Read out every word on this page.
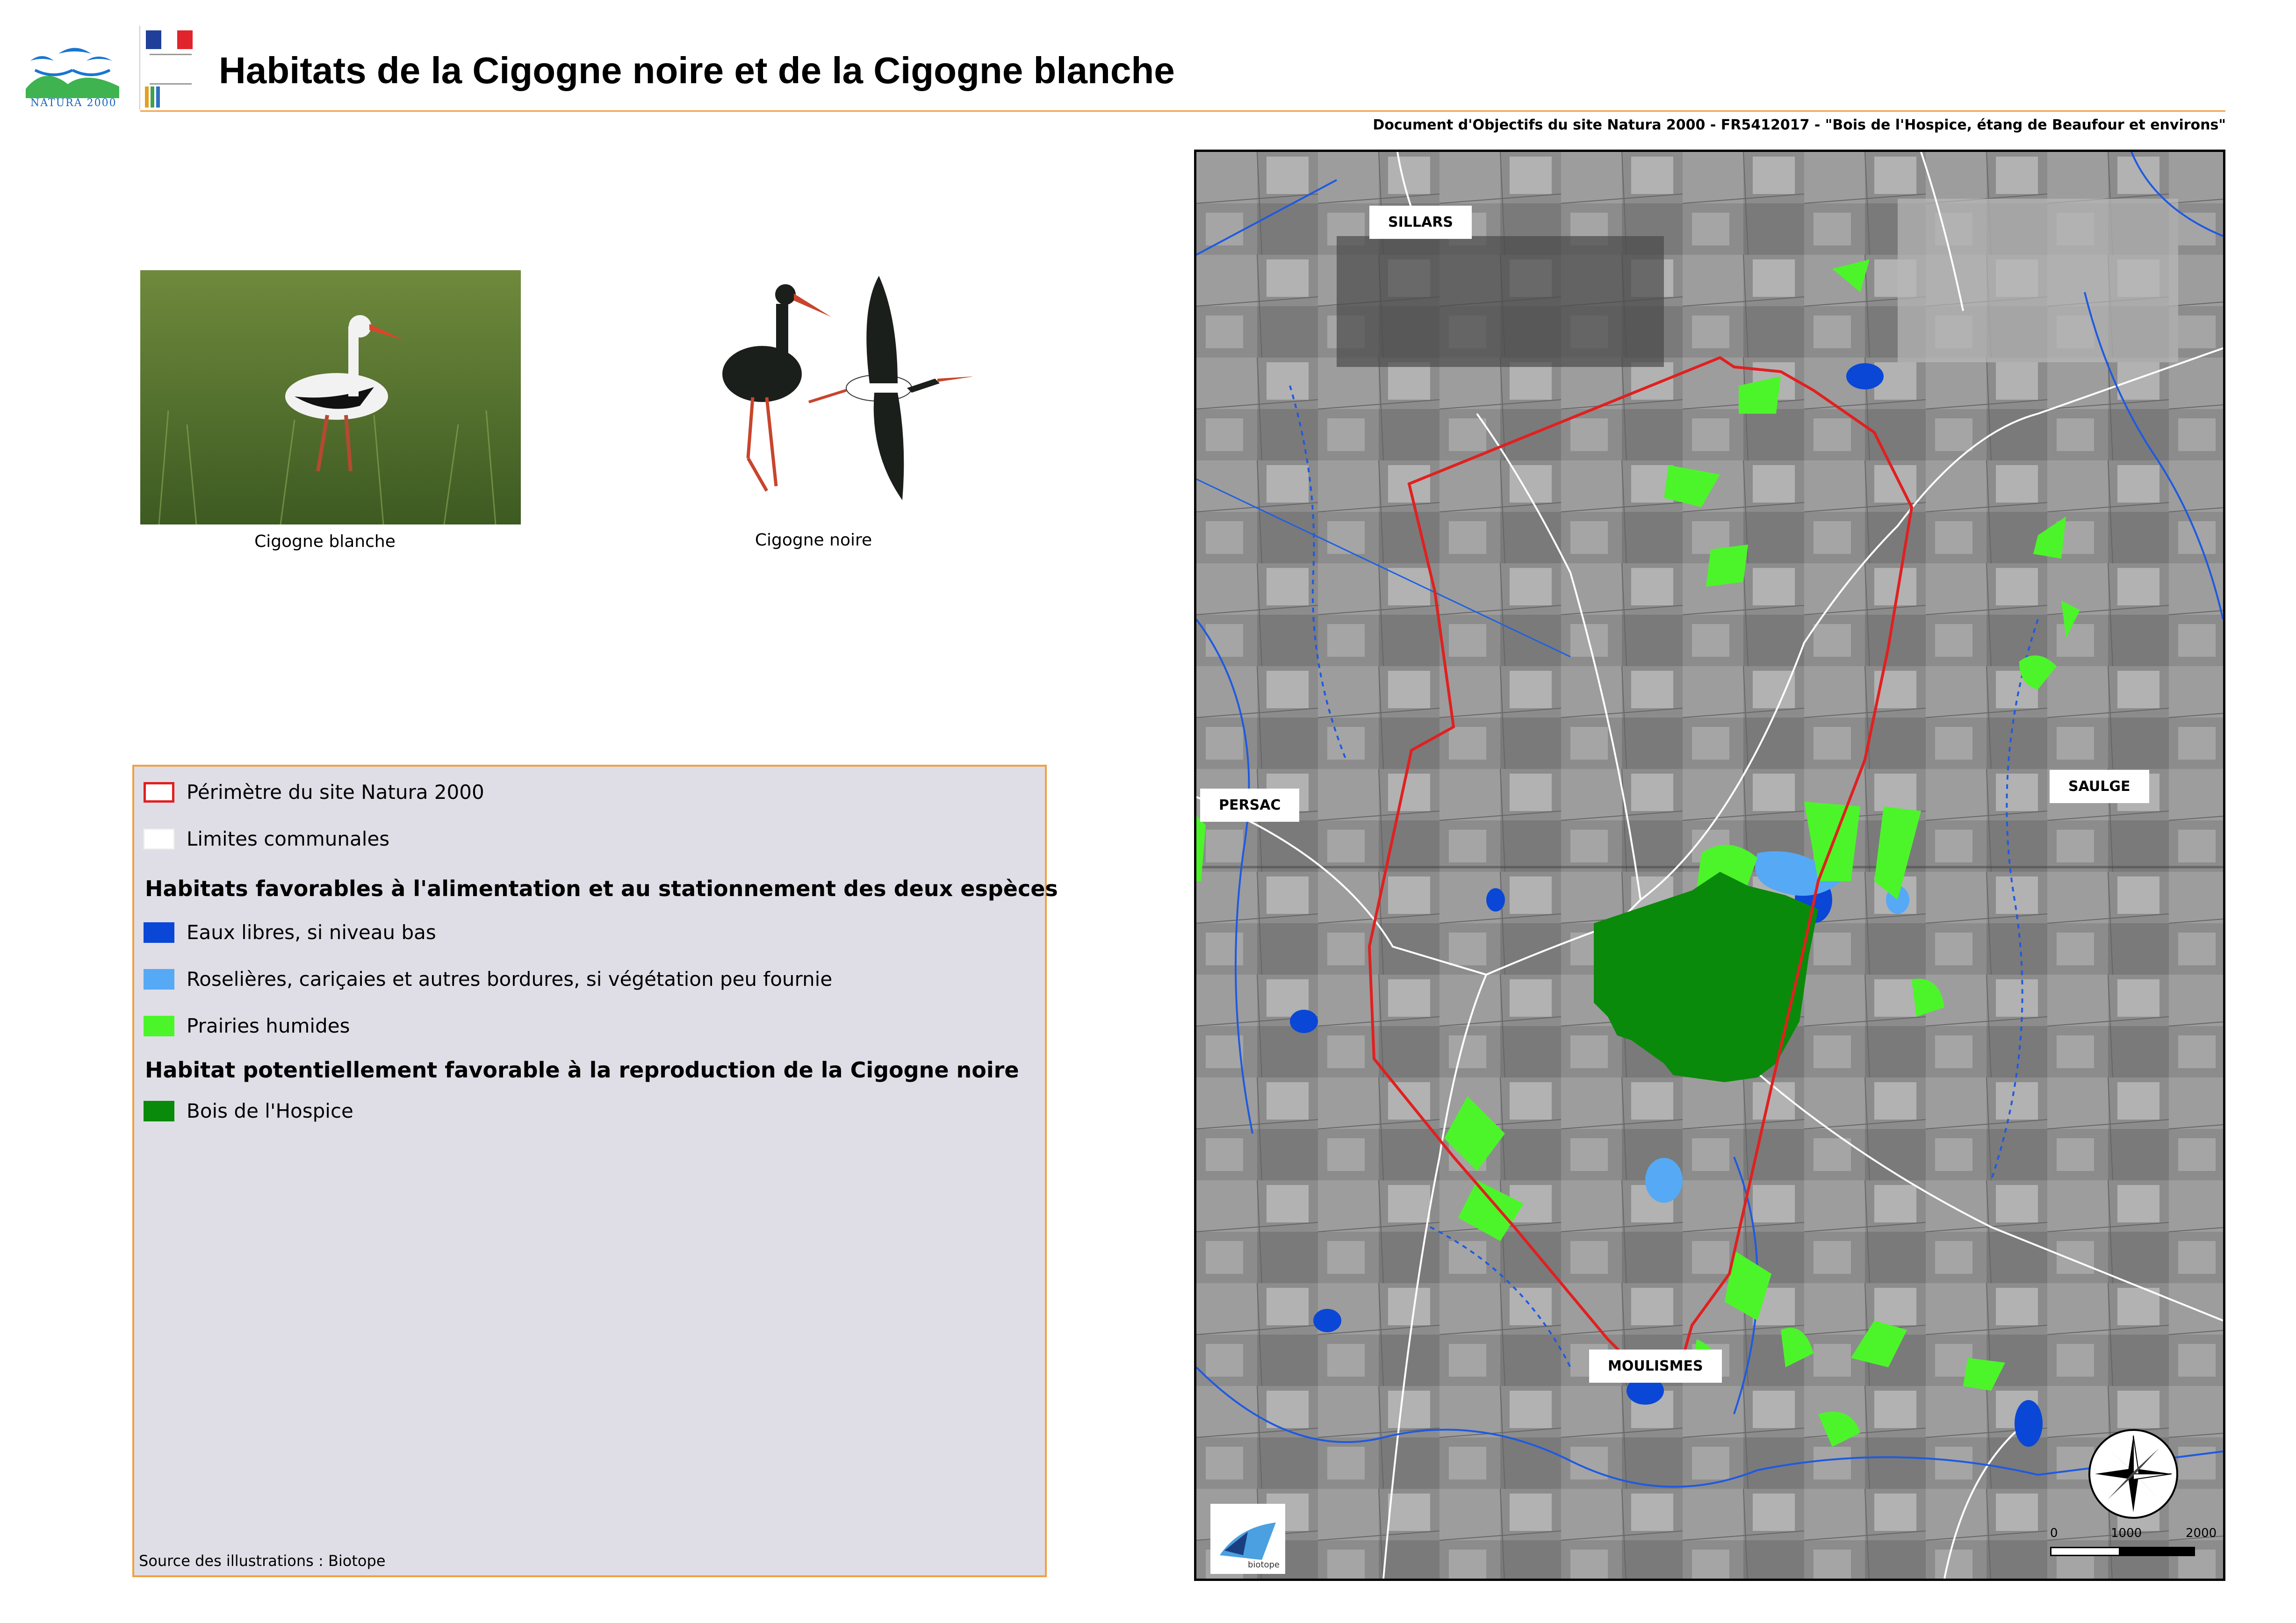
NATURA 2000
Habitats de la Cigogne noire et de la Cigogne blanche
Document d'Objectifs du site Natura 2000 - FR5412017 - "Bois de l'Hospice, étang de Beaufour et environs"
Cigogne blanche	Cigogne noire
Périmètre du site Natura 2000
Limites communales
Habitats favorables à l'alimentation et au stationnement des deux espèces
Eaux libres, si niveau bas
Roselières, cariçaies et autres bordures, si végétation peu fournie
Prairies humides
Habitat potentiellement favorable à la reproduction de la Cigogne noire
Bois de l'Hospice
Source des illustrations : Biotope
SILLARS
PERSAC
SAULGE
MOULISMES
0	1000	2000
biotope
